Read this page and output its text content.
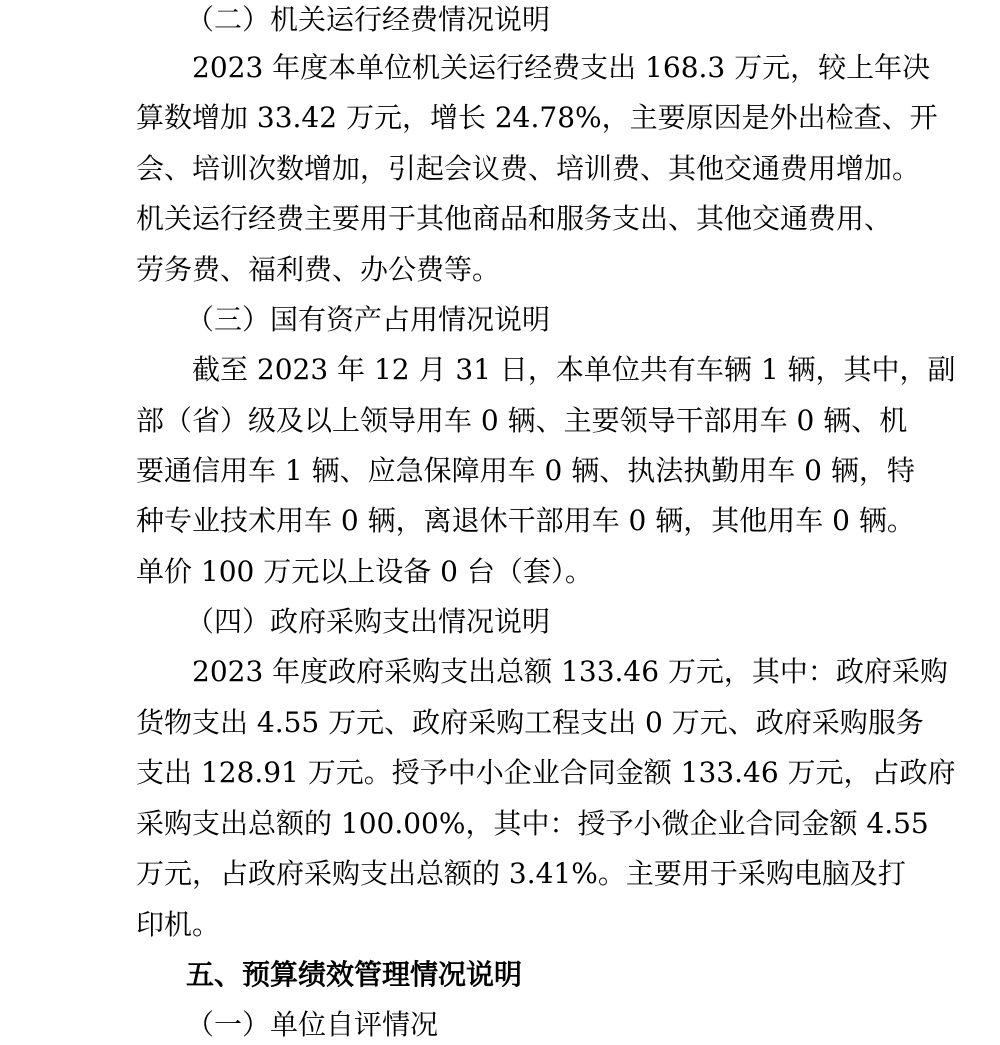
（二）机关运行经费情况说明
　　2023 年度本单位机关运行经费支出 168.3 万元，较上年决
算数增加 33.42 万元，增长 24.78%，主要原因是外出检查、开
会、培训次数增加，引起会议费、培训费、其他交通费用增加。
机关运行经费主要用于其他商品和服务支出、其他交通费用、
劳务费、福利费、办公费等。
（三）国有资产占用情况说明
　　截至 2023 年 12 月 31 日，本单位共有车辆 1 辆，其中，副
部（省）级及以上领导用车 0 辆、主要领导干部用车 0 辆、机
要通信用车 1 辆、应急保障用车 0 辆、执法执勤用车 0 辆，特
种专业技术用车 0 辆，离退休干部用车 0 辆，其他用车 0 辆。
单价 100 万元以上设备 0 台（套）。
（四）政府采购支出情况说明
　　2023 年度政府采购支出总额 133.46 万元，其中：政府采购
货物支出 4.55 万元、政府采购工程支出 0 万元、政府采购服务
支出 128.91 万元。授予中小企业合同金额 133.46 万元，占政府
采购支出总额的 100.00%，其中：授予小微企业合同金额 4.55
万元，占政府采购支出总额的 3.41%。主要用于采购电脑及打
印机。
五、预算绩效管理情况说明
（一）单位自评情况
